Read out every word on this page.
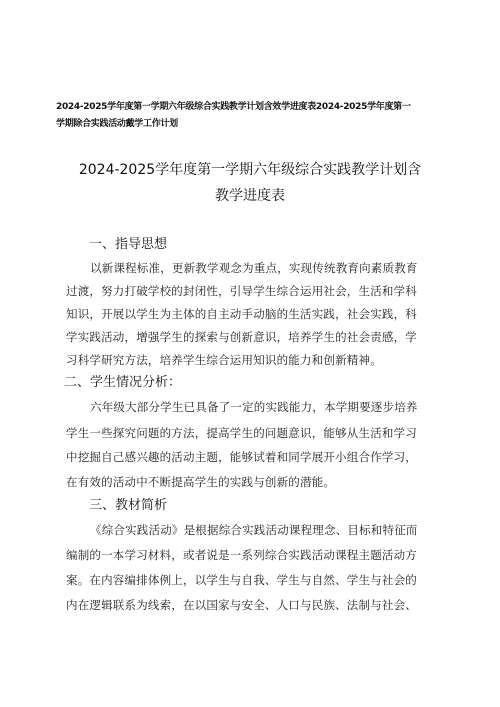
2024-2025学年度第一学期六年级综合实践教学计划含效学进度表2024-2025学年度第一
学期除合实践活动戴学工作计划
2024-2025学年度第一学期六年级综合实践教学计划含
教学进度表
一、指导思想
以新课程标准，更新教学观念为重点，实现传统教育向素质教育
过渡，努力打破学校的封闭性，引导学生综合运用社会，生活和学科
知识，开展以学生为主体的自主动手动脑的生活实践，社会实践，科
学实践活动，增强学生的探索与创新意识，培养学生的社会责感，学
习科学研究方法，培养学生综合运用知识的能力和创新精神。
二、学生情况分析：
六年级大部分学生已具备了一定的实践能力，本学期要逐步培养
学生一些探究问题的方法，提高学生的问题意识，能够从生活和学习
中挖掘自己感兴趣的活动主题，能够试着和同学展开小组合作学习，
在有效的活动中不断提高学生的实践与创新的潜能。
三、教材简析
《综合实践活动》是根据综合实践活动课程理念、目标和特征而
编制的一本学习材料，或者说是一系列综合实践活动课程主题活动方
案。在内容编排体例上，以学生与自我、学生与自然、学生与社会的
内在逻辑联系为线索，在以国家与安全、人口与民族、法制与社会、
